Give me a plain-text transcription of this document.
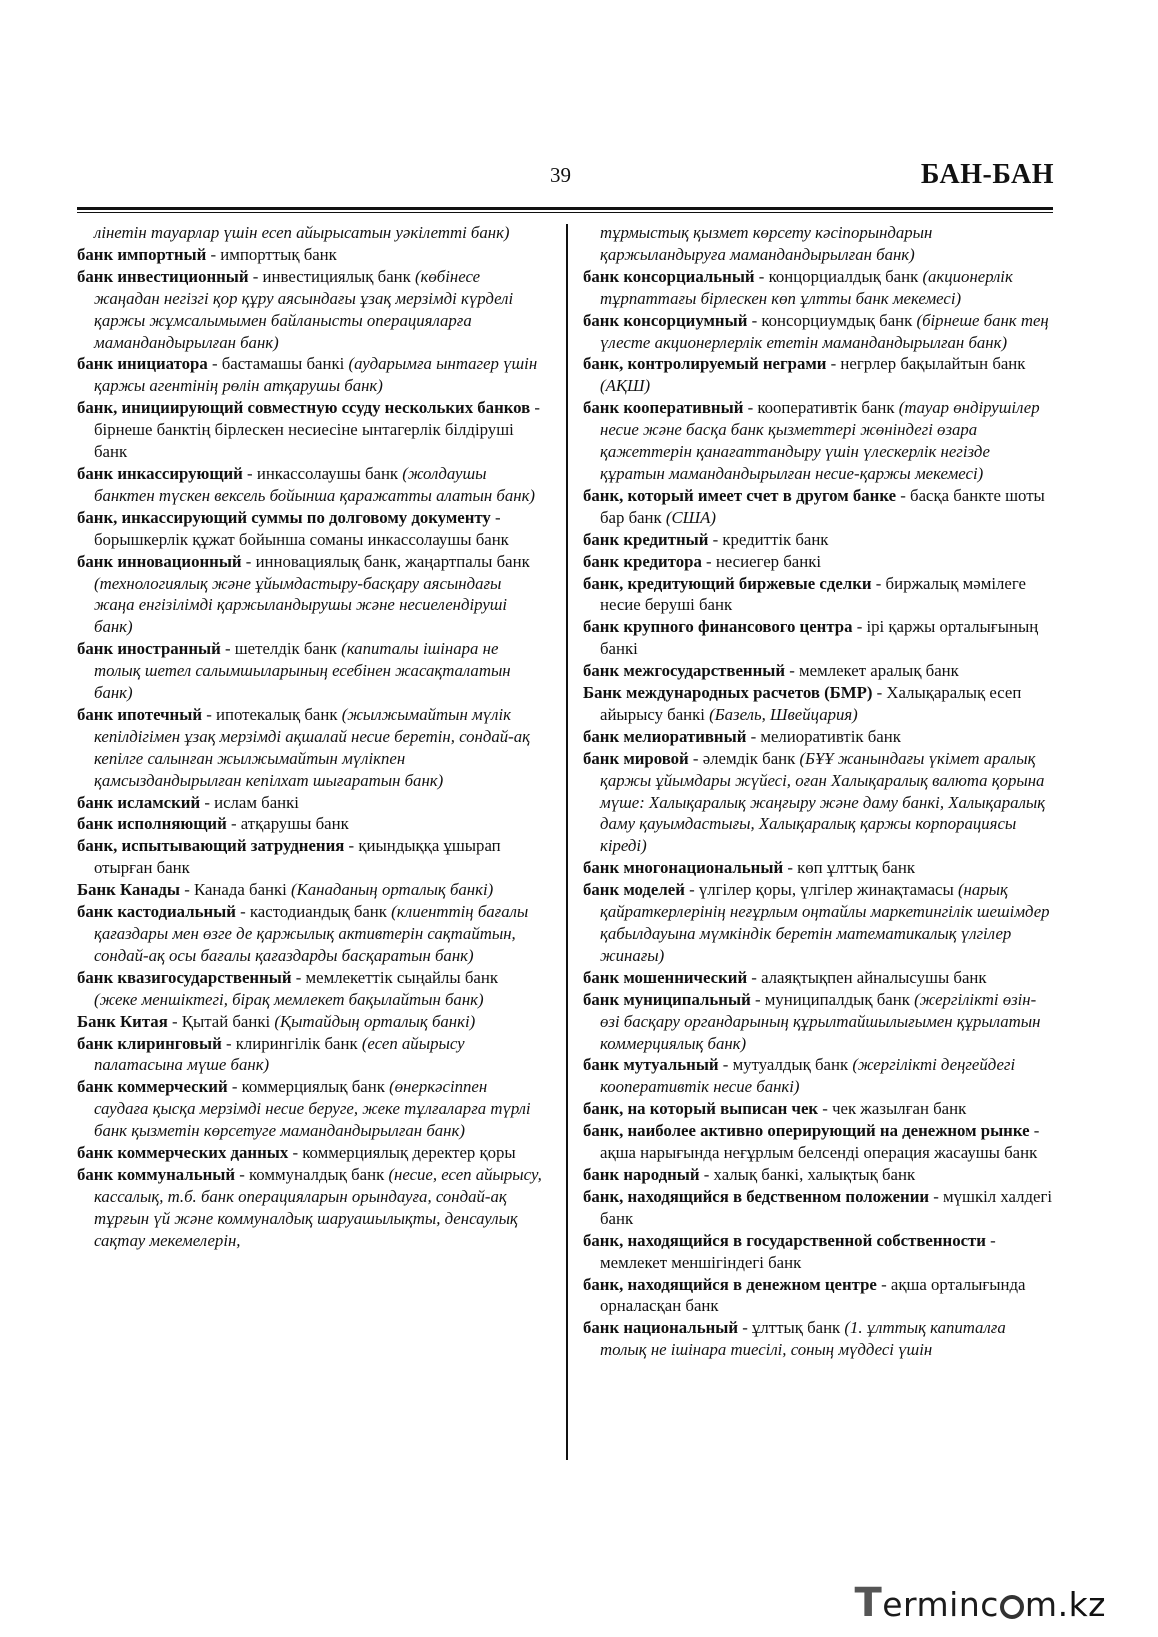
39	БАН-БАН

лінетін тауарлар үшін есеп айырысатын уәкілетті банк)

банк импортный - импорттық банк

банк инвестиционный - инвестициялық банк (көбінесе жаңадан негізгі қор құру аясындағы ұзақ мерзімді күрделі қаржы жұмсалымымен байланысты операцияларға мамандандырылған банк)

банк инициатора - бастамашы банкі (аударымға ынтагер үшін қаржы агентінің рөлін атқарушы банк)

банк, инициирующий совместную ссуду нескольких банков - бірнеше банктің бірлескен несиесіне ынтагерлік білдіруші банк

банк инкассирующий - инкассолаушы банк (жолдаушы банктен түскен вексель бойынша қаражатты алатын банк)

банк, инкассирующий суммы по долговому документу - борышкерлік құжат бойынша соманы инкассолаушы банк

банк инновационный - инновациялық банк, жаңартпалы банк (технологиялық және ұйымдастыру-басқару аясындағы жаңа енгізілімді қаржыландырушы және несиелендіруші банк)

банк иностранный - шетелдік банк (капиталы ішінара не толық шетел салымшыларының есебінен жасақталатын банк)

банк ипотечный - ипотекалық банк (жылжымайтын мүлік кепілдігімен ұзақ мерзімді ақшалай несие беретін, сондай-ақ кепілге салынған жылжымайтын мүлікпен қамсыздандырылған кепілхат шығаратын банк)

банк исламский - ислам банкі

банк исполняющий - атқарушы банк

банк, испытывающий затруднения - қиындыққа ұшырап отырған банк

Банк Канады - Канада банкі (Канаданың орталық банкі)

банк кастодиальный - кастодиандық банк (клиенттің бағалы қағаздары мен өзге де қаржылық активтерін сақтайтын, сондай-ақ осы бағалы қағаздарды басқаратын банк)

банк квазигосударственный - мемлекеттік сыңайлы банк (жеке меншіктегі, бірақ мемлекет бақылайтын банк)

Банк Китая - Қытай банкі (Қытайдың орталық банкі)

банк клиринговый - клирингілік банк (есеп айырысу палатасына мүше банк)

банк коммерческий - коммерциялық банк (өнеркәсіппен саудаға қысқа мерзімді несие беруге, жеке тұлғаларға түрлі банк қызметін көрсетуге мамандандырылған банк)

банк коммерческих данных - коммерциялық деректер қоры

банк коммунальный - коммуналдық банк (несие, есеп айырысу, кассалық, т.б. банк операцияларын орындауға, сондай-ақ тұрғын үй және коммуналдық шаруашылықты, денсаулық сақтау мекемелерін,

тұрмыстық қызмет көрсету кәсіпорындарын қаржыландыруға мамандандырылған банк)

банк консорциальный - концорциалдық банк (акционерлік тұрпаттағы бірлескен көп ұлтты банк мекемесі)

банк консорциумный - консорциумдық банк (бірнеше банк тең үлесте акционерлерлік ететін мамандандырылған банк)

банк, контролируемый неграми - негрлер бақылайтын банк (АҚШ)

банк кооперативный - кооперативтік банк (тауар өндірушілер несие және басқа банк қызметтері жөніндегі өзара қажеттерін қанағаттандыру үшін үлескерлік негізде құратын мамандандырылған несие-қаржы мекемесі)

банк, который имеет счет в другом банке - басқа банкте шоты бар банк (США)

банк кредитный - кредиттік банк

банк кредитора - несиегер банкі

банк, кредитующий биржевые сделки - биржалық мәмілеге несие беруші банк

банк крупного финансового центра - ірі қаржы орталығының банкі

банк межгосударственный - мемлекет аралық банк

Банк международных расчетов (БМР) - Халықаралық есеп айырысу банкі (Базель, Швейцария)

банк мелиоративный - мелиоративтік банк

банк мировой - әлемдік банк (БҰҰ жанындағы үкімет аралық қаржы ұйымдары жүйесі, оған Халықаралық валюта қорына мүше: Халықаралық жаңғыру және даму банкі, Халықаралық даму қауымдастығы, Халықаралық қаржы корпорациясы кіреді)

банк многонациональный - көп ұлттық банк

банк моделей - үлгілер қоры, үлгілер жинақтамасы (нарық қайраткерлерінің неғұрлым оңтайлы маркетингілік шешімдер қабылдауына мүмкіндік беретін математикалық үлгілер жинағы)

банк мошеннический - алаяқтықпен айналысушы банк

банк муниципальный - муниципалдық банк (жергілікті өзін-өзі басқару органдарының құрылтайшылығымен құрылатын коммерциялық банк)

банк мутуальный - мутуалдық банк (жергілікті деңгейдегі кооперативтік несие банкі)

банк, на который выписан чек - чек жазылған банк

банк, наиболее активно оперирующий на денежном рынке - ақша нарығында неғұрлым белсенді операция жасаушы банк

банк народный - халық банкі, халықтық банк

банк, находящийся в бедственном положении - мүшкіл халдегі банк

банк, находящийся в государственной собственности - мемлекет меншігіндегі банк

банк, находящийся в денежном центре - ақша орталығында орналасқан банк

банк национальный - ұлттық банк (1. ұлттық капиталға толық не ішінара тиесілі, соның мүддесі үшін

Terminc m.kz
